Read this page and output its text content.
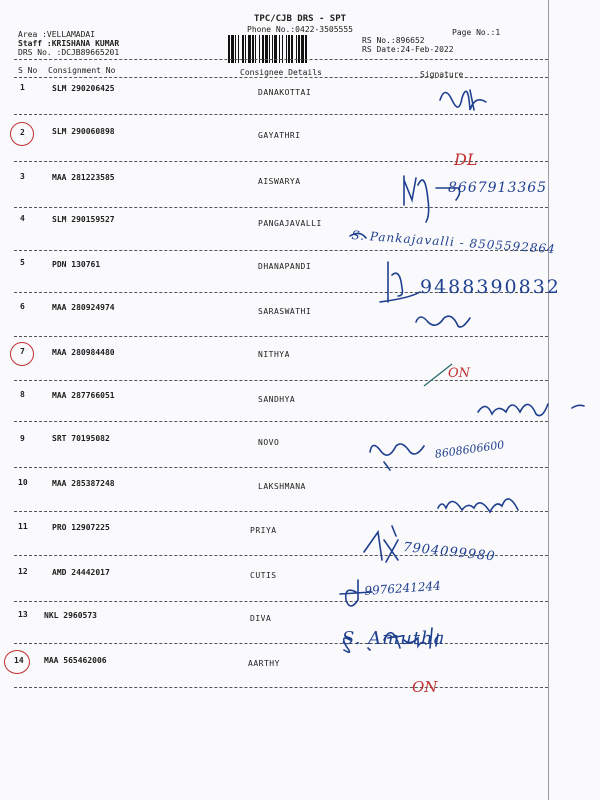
TPC/CJB DRS - SPT
Phone No.:0422-3505555
Area :VELLAMADAI
Staff :KRISHANA KUMAR
DRS No. :DCJB89665201
RS No.:896652
RS Date:24-Feb-2022
Page No.:1
S No Consignment No	Consignee Details	Signature
1	SLM 290206425	DANAKOTTAI
2	SLM 290060898	GAYATHRI
3	MAA 281223585	AISWARYA
4	SLM 290159527	PANGAJAVALLI
5	PDN 130761	DHANAPANDI
6	MAA 280924974	SARASWATHI
7	MAA 280984480	NITHYA
8	MAA 287766051	SANDHYA
9	SRT 70195082	NOVO
10	MAA 285387248	LAKSHMANA
11	PRO 12907225	PRIYA
12	AMD 24442017	CUTIS
13 NKL 2960573	DIVA
14	MAA 565462006	AARTHY
DL
8667913365
S. Pankajavalli - 8505592864
9488390832
ON
8608606600
7904099980
9976241244
S. Amutha
ON
